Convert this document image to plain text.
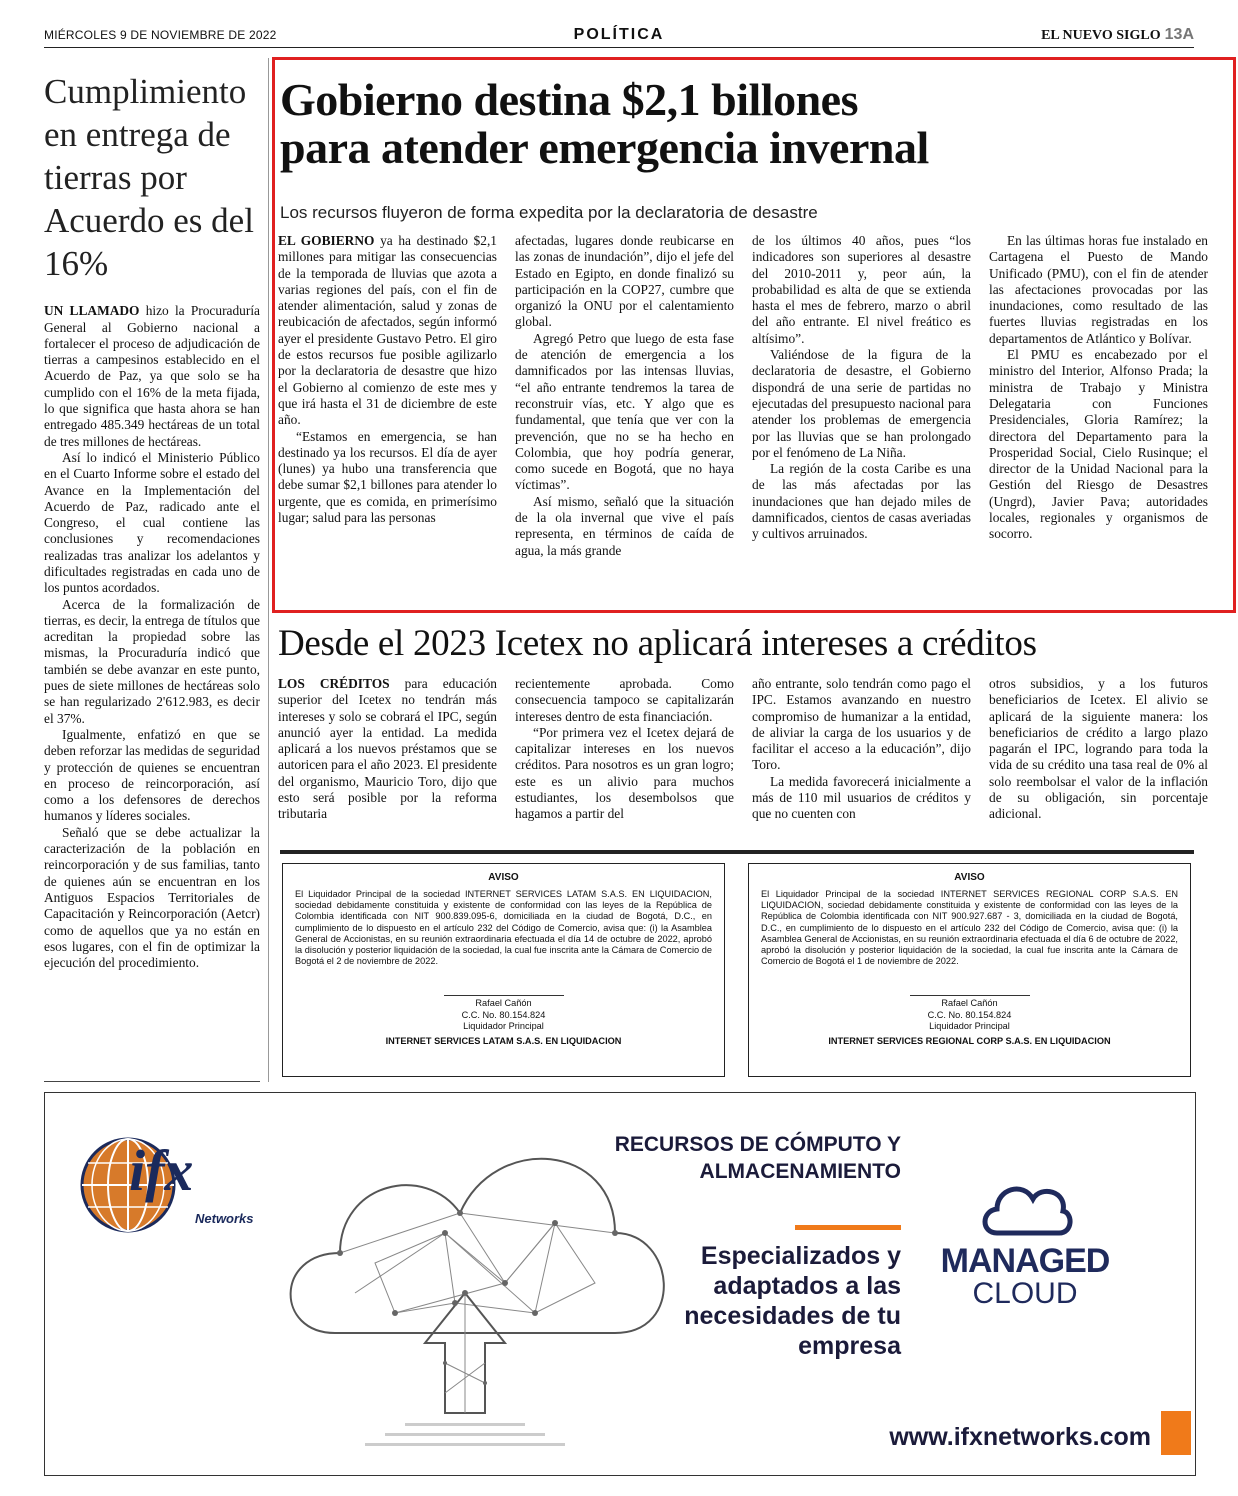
MIÉRCOLES 9 DE NOVIEMBRE DE 2022	POLÍTICA	EL NUEVO SIGLO 13A
Cumplimiento en entrega de tierras por Acuerdo es del 16%

UN LLAMADO hizo la Procuraduría General al Gobierno nacional a fortalecer el proceso de adjudicación de tierras a campesinos establecido en el Acuerdo de Paz, ya que solo se ha cumplido con el 16% de la meta fijada, lo que significa que hasta ahora se han entregado 485.349 hectáreas de un total de tres millones de hectáreas.

Así lo indicó el Ministerio Público en el Cuarto Informe sobre el estado del Avance en la Implementación del Acuerdo de Paz, radicado ante el Congreso, el cual contiene las conclusiones y recomendaciones realizadas tras analizar los adelantos y dificultades registradas en cada uno de los puntos acordados.

Acerca de la formalización de tierras, es decir, la entrega de títulos que acreditan la propiedad sobre las mismas, la Procuraduría indicó que también se debe avanzar en este punto, pues de siete millones de hectáreas solo se han regularizado 2'612.983, es decir el 37%.

Igualmente, enfatizó en que se deben reforzar las medidas de seguridad y protección de quienes se encuentran en proceso de reincorporación, así como a los defensores de derechos humanos y líderes sociales.

Señaló que se debe actualizar la caracterización de la población en reincorporación y de sus familias, tanto de quienes aún se encuentran en los Antiguos Espacios Territoriales de Capacitación y Reincorporación (Aetcr) como de aquellos que ya no están en esos lugares, con el fin de optimizar la ejecución del procedimiento.

Gobierno destina $2,1 billones
para atender emergencia invernal
Los recursos fluyeron de forma expedita por la declaratoria de desastre

EL GOBIERNO ya ha destinado $2,1 millones para mitigar las consecuencias de la temporada de lluvias que azota a varias regiones del país, con el fin de atender alimentación, salud y zonas de reubicación de afectados, según informó ayer el presidente Gustavo Petro. El giro de estos recursos fue posible agilizarlo por la declaratoria de desastre que hizo el Gobierno al comienzo de este mes y que irá hasta el 31 de diciembre de este año.

“Estamos en emergencia, se han destinado ya los recursos. El día de ayer (lunes) ya hubo una transferencia que debe sumar $2,1 billones para atender lo urgente, que es comida, en primerísimo lugar; salud para las personas

afectadas, lugares donde reubicarse en las zonas de inundación”, dijo el jefe del Estado en Egipto, en donde finalizó su participación en la COP27, cumbre que organizó la ONU por el calentamiento global.

Agregó Petro que luego de esta fase de atención de emergencia a los damnificados por las intensas lluvias, “el año entrante tendremos la tarea de reconstruir vías, etc. Y algo que es fundamental, que tenía que ver con la prevención, que no se ha hecho en Colombia, que hoy podría generar, como sucede en Bogotá, que no haya víctimas”.

Así mismo, señaló que la situación de la ola invernal que vive el país representa, en términos de caída de agua, la más grande

de los últimos 40 años, pues “los indicadores son superiores al desastre del 2010-2011 y, peor aún, la probabilidad es alta de que se extienda hasta el mes de febrero, marzo o abril del año entrante. El nivel freático es altísimo”.

Valiéndose de la figura de la declaratoria de desastre, el Gobierno dispondrá de una serie de partidas no ejecutadas del presupuesto nacional para atender los problemas de emergencia por las lluvias que se han prolongado por el fenómeno de La Niña.

La región de la costa Caribe es una de las más afectadas por las inundaciones que han dejado miles de damnificados, cientos de casas averiadas y cultivos arruinados.

En las últimas horas fue instalado en Cartagena el Puesto de Mando Unificado (PMU), con el fin de atender las afectaciones provocadas por las inundaciones, como resultado de las fuertes lluvias registradas en los departamentos de Atlántico y Bolívar.

El PMU es encabezado por el ministro del Interior, Alfonso Prada; la ministra de Trabajo y Ministra Delegataria con Funciones Presidenciales, Gloria Ramírez; la directora del Departamento para la Prosperidad Social, Cielo Rusinque; el director de la Unidad Nacional para la Gestión del Riesgo de Desastres (Ungrd), Javier Pava; autoridades locales, regionales y organismos de socorro.

Desde el 2023 Icetex no aplicará intereses a créditos

LOS CRÉDITOS para educación superior del Icetex no tendrán más intereses y solo se cobrará el IPC, según anunció ayer la entidad. La medida aplicará a los nuevos préstamos que se autoricen para el año 2023. El presidente del organismo, Mauricio Toro, dijo que esto será posible por la reforma tributaria

recientemente aprobada. Como consecuencia tampoco se capitalizarán intereses dentro de esta financiación.

“Por primera vez el Icetex dejará de capitalizar intereses en los nuevos créditos. Para nosotros es un gran logro; este es un alivio para muchos estudiantes, los desembolsos que hagamos a partir del

año entrante, solo tendrán como pago el IPC. Estamos avanzando en nuestro compromiso de humanizar a la entidad, de aliviar la carga de los usuarios y de facilitar el acceso a la educación”, dijo Toro.

La medida favorecerá inicialmente a más de 110 mil usuarios de créditos y que no cuenten con

otros subsidios, y a los futuros beneficiarios de Icetex. El alivio se aplicará de la siguiente manera: los beneficiarios de crédito a largo plazo pagarán el IPC, logrando para toda la vida de su crédito una tasa real de 0% al solo reembolsar el valor de la inflación de su obligación, sin porcentaje adicional.

AVISO
El Liquidador Principal de la sociedad INTERNET SERVICES LATAM S.A.S. EN LIQUIDACION, sociedad debidamente constituida y existente de conformidad con las leyes de la República de Colombia identificada con NIT 900.839.095-6, domiciliada en la ciudad de Bogotá, D.C., en cumplimiento de lo dispuesto en el artículo 232 del Código de Comercio, avisa que: (i) la Asamblea General de Accionistas, en su reunión extraordinaria efectuada el día 14 de octubre de 2022, aprobó la disolución y posterior liquidación de la sociedad, la cual fue inscrita ante la Cámara de Comercio de Bogotá el 2 de noviembre de 2022.
Rafael Cañón
C.C. No. 80.154.824
Liquidador Principal
INTERNET SERVICES LATAM S.A.S. EN LIQUIDACION
AVISO
El Liquidador Principal de la sociedad INTERNET SERVICES REGIONAL CORP S.A.S. EN LIQUIDACION, sociedad debidamente constituida y existente de conformidad con las leyes de la República de Colombia identificada con NIT 900.927.687 - 3, domiciliada en la ciudad de Bogotá, D.C., en cumplimiento de lo dispuesto en el artículo 232 del Código de Comercio, avisa que: (i) la Asamblea General de Accionistas, en su reunión extraordinaria efectuada el día 6 de octubre de 2022, aprobó la disolución y posterior liquidación de la sociedad, la cual fue inscrita ante la Cámara de Comercio de Bogotá el 1 de noviembre de 2022.
Rafael Cañón
C.C. No. 80.154.824
Liquidador Principal
INTERNET SERVICES REGIONAL CORP S.A.S. EN LIQUIDACION
ifx
Networks
RECURSOS DE CÓMPUTO Y ALMACENAMIENTO
Especializados y adaptados a las necesidades de tu empresa
MANAGED
CLOUD
www.ifxnetworks.com
